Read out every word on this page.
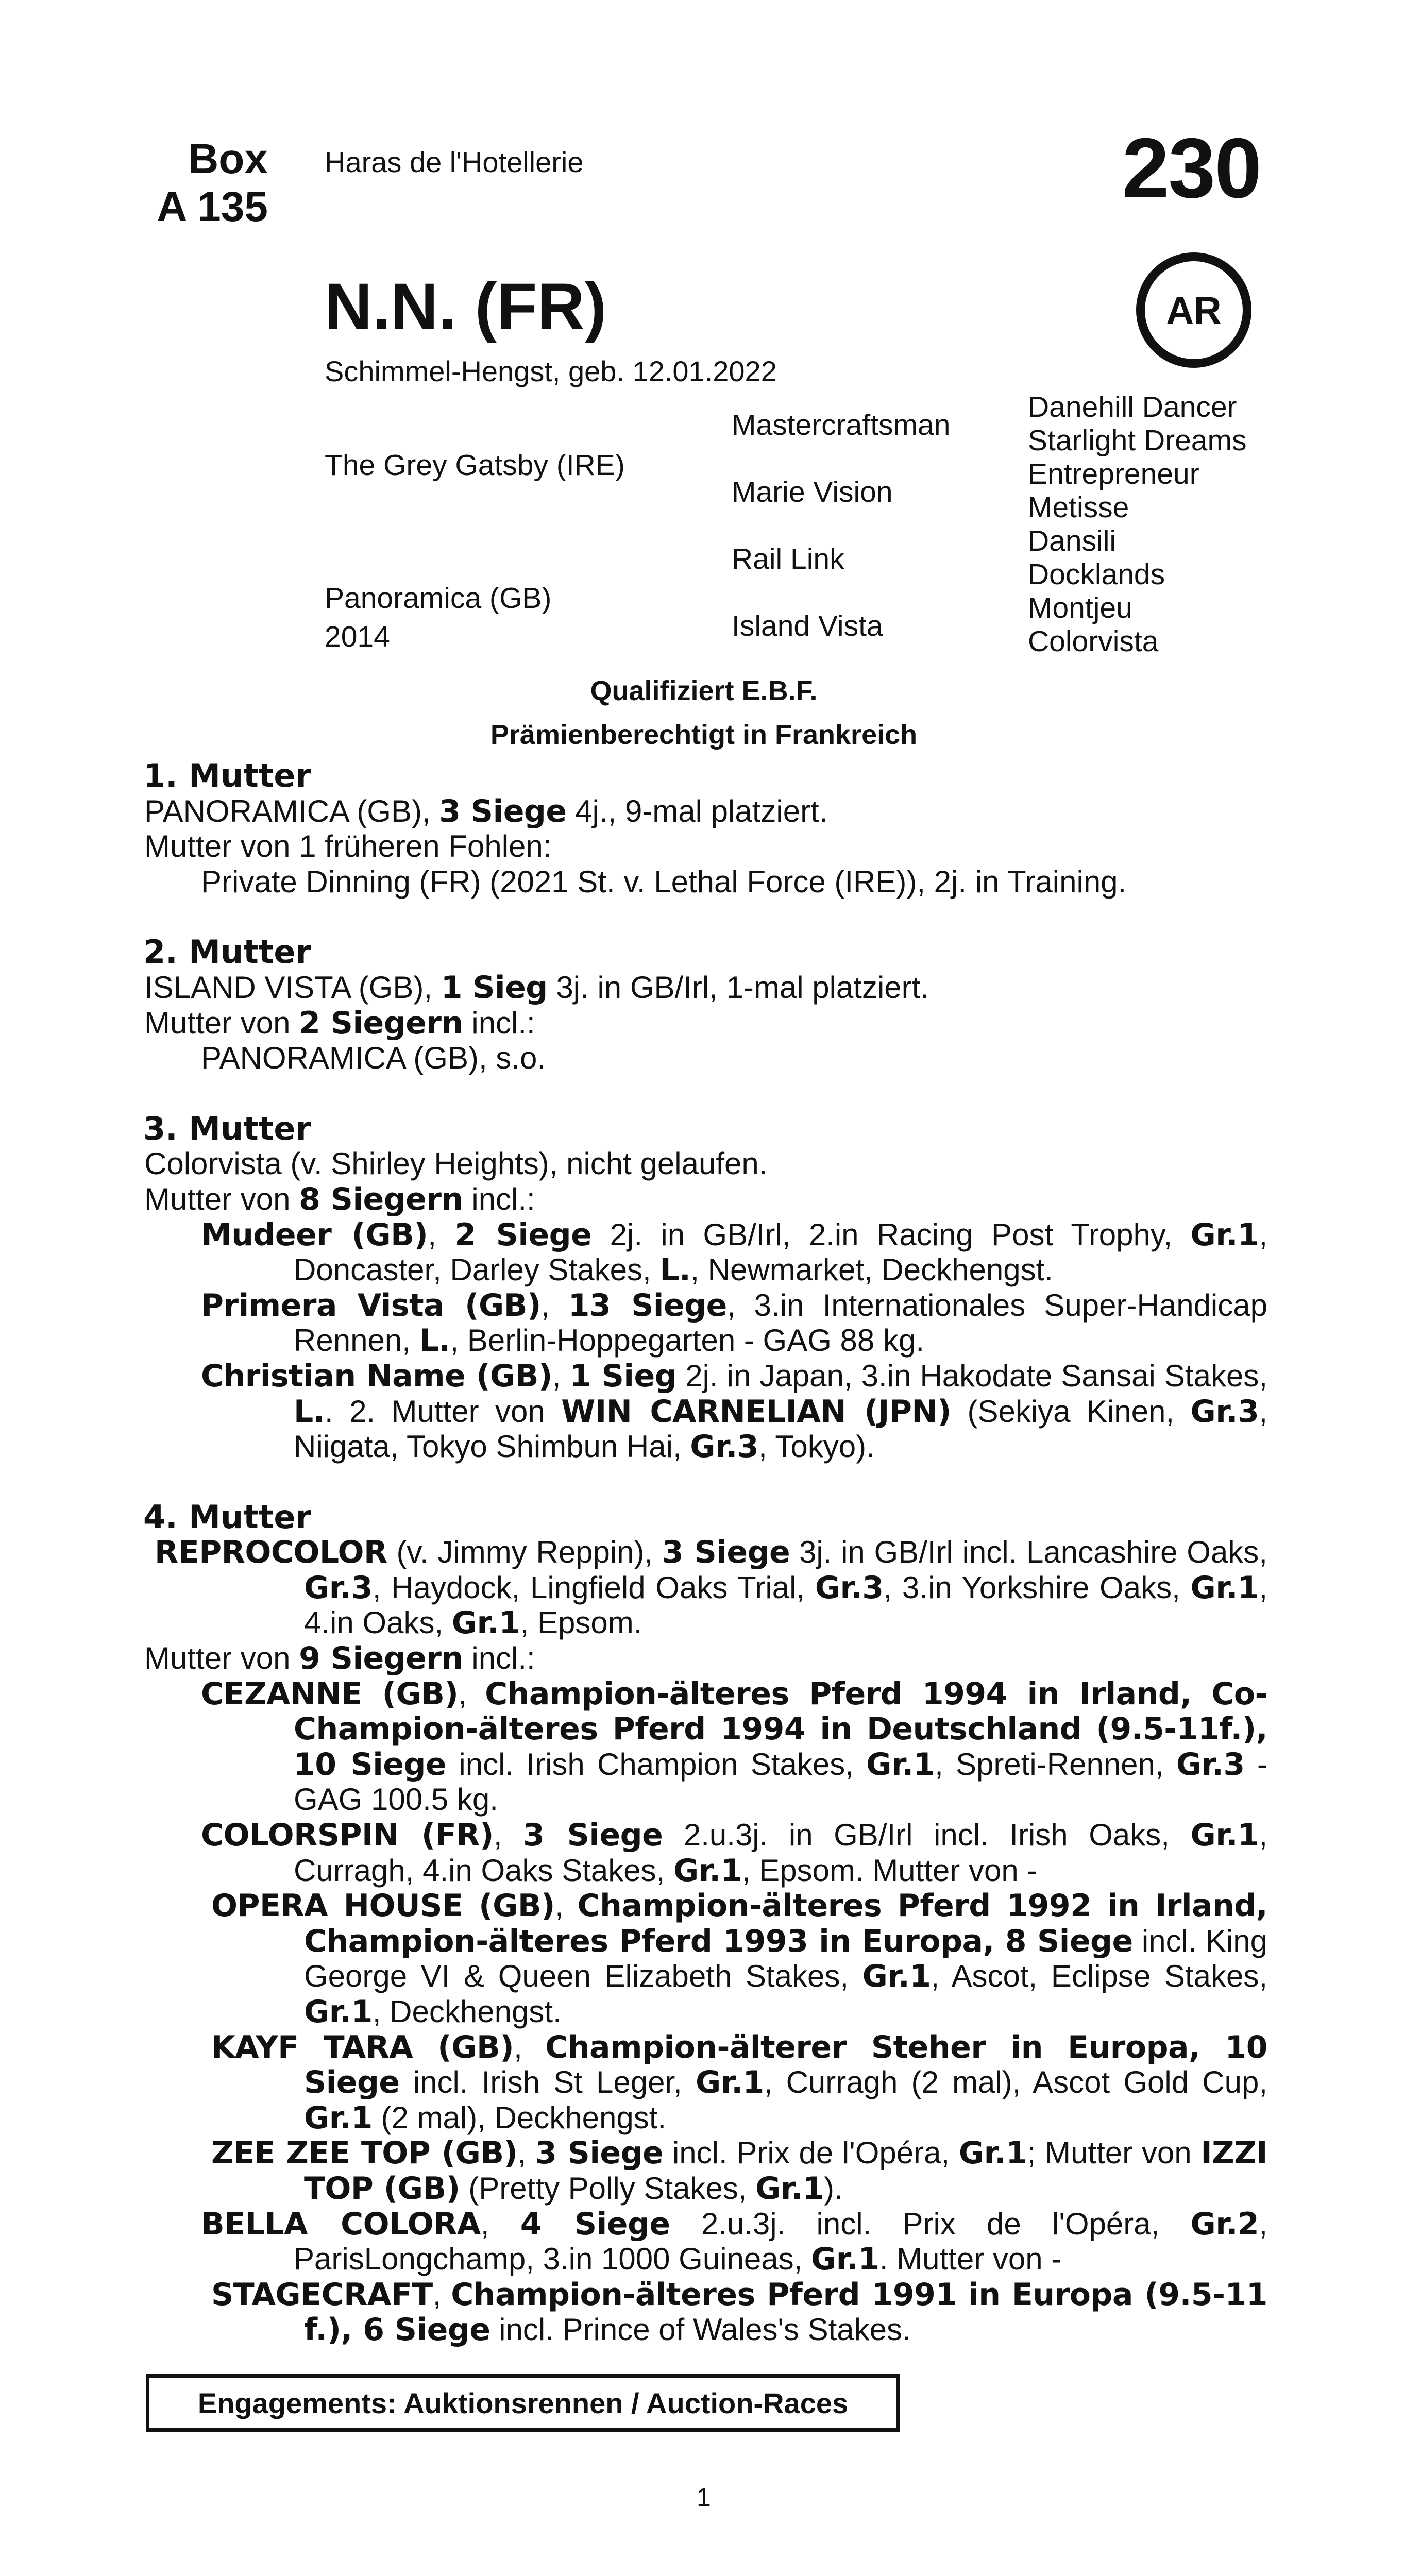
Box
A 135
Haras de l'Hotellerie	230
N.N. (FR)	AR
Schimmel-Hengst, geb. 12.01.2022
The Grey Gatsby (IRE)
Panoramica (GB)
2014
Mastercraftsman
Marie Vision
Rail Link
Island Vista
Danehill Dancer
Starlight Dreams
Entrepreneur
Metisse
Dansili
Docklands
Montjeu
Colorvista
Qualifiziert E.B.F.
Prämienberechtigt in Frankreich

1. Mutter

PANORAMICA (GB), 3 Siege 4j., 9-mal platziert.

Mutter von 1 früheren Fohlen:

Private Dinning (FR) (2021 St. v. Lethal Force (IRE)), 2j. in Training.

2. Mutter

ISLAND VISTA (GB), 1 Sieg 3j. in GB/Irl, 1-mal platziert.

Mutter von 2 Siegern incl.:

PANORAMICA (GB), s.o.

3. Mutter

Colorvista (v. Shirley Heights), nicht gelaufen.

Mutter von 8 Siegern incl.:

Mudeer (GB), 2 Siege 2j. in GB/Irl, 2.in Racing Post Trophy, Gr.1, Doncaster, Darley Stakes, L., Newmarket, Deckhengst.

Primera Vista (GB), 13 Siege, 3.in Internationales Super-Handicap Rennen, L., Berlin-Hoppegarten - GAG 88 kg.

Christian Name (GB), 1 Sieg 2j. in Japan, 3.in Hakodate Sansai Stakes, L.. 2. Mutter von WIN CARNELIAN (JPN) (Sekiya Kinen, Gr.3, Niigata, Tokyo Shimbun Hai, Gr.3, Tokyo).

4. Mutter

REPROCOLOR (v. Jimmy Reppin), 3 Siege 3j. in GB/Irl incl. Lancashire Oaks, Gr.3, Haydock, Lingfield Oaks Trial, Gr.3, 3.in Yorkshire Oaks, Gr.1, 4.in Oaks, Gr.1, Epsom.

Mutter von 9 Siegern incl.:

CEZANNE (GB), Champion-älteres Pferd 1994 in Irland, Co-Champion-älteres Pferd 1994 in Deutschland (9.5-11f.), 10 Siege incl. Irish Champion Stakes, Gr.1, Spreti-Rennen, Gr.3 - GAG 100.5 kg.

COLORSPIN (FR), 3 Siege 2.u.3j. in GB/Irl incl. Irish Oaks, Gr.1, Curragh, 4.in Oaks Stakes, Gr.1, Epsom. Mutter von -

OPERA HOUSE (GB), Champion-älteres Pferd 1992 in Irland, Champion-älteres Pferd 1993 in Europa, 8 Siege incl. King George VI & Queen Elizabeth Stakes, Gr.1, Ascot, Eclipse Stakes, Gr.1, Deckhengst.

KAYF TARA (GB), Champion-älterer Steher in Europa, 10 Siege incl. Irish St Leger, Gr.1, Curragh (2 mal), Ascot Gold Cup, Gr.1 (2 mal), Deckhengst.

ZEE ZEE TOP (GB), 3 Siege incl. Prix de l'Opéra, Gr.1; Mutter von IZZI TOP (GB) (Pretty Polly Stakes, Gr.1).

BELLA COLORA, 4 Siege 2.u.3j. incl. Prix de l'Opéra, Gr.2, ParisLongchamp, 3.in 1000 Guineas, Gr.1. Mutter von -

STAGECRAFT, Champion-älteres Pferd 1991 in Europa (9.5-11 f.), 6 Siege incl. Prince of Wales's Stakes.

Engagements: Auktionsrennen / Auction-Races
1
